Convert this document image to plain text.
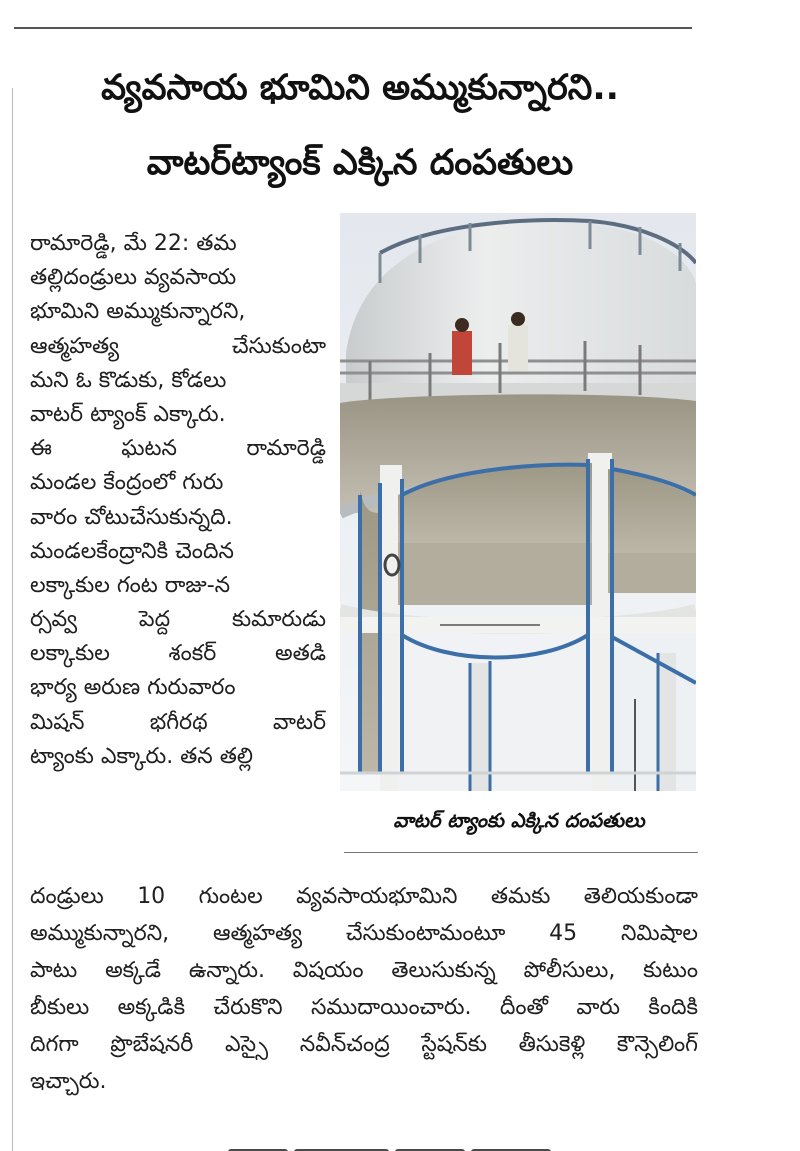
వ్యవసాయ భూమిని అమ్ముకున్నారని..
వాటర్‌ట్యాంక్ ఎక్కిన దంపతులు
రామారెడ్డి, మే 22: తమ
తల్లిదండ్రులు వ్యవసాయ
భూమిని అమ్ముకున్నారని,
ఆత్మహత్య చేసుకుంటా
మని ఓ కొడుకు, కోడలు
వాటర్ ట్యాంక్ ఎక్కారు.
ఈ ఘటన రామారెడ్డి
మండల కేంద్రంలో గురు
వారం చోటుచేసుకున్నది.
మండలకేంద్రానికి చెందిన
లక్కాకుల గంట రాజు-న
ర్సవ్వ పెద్ద కుమారుడు
లక్కాకుల శంకర్ అతడి
భార్య అరుణ గురువారం
మిషన్ భగీరథ వాటర్
ట్యాంకు ఎక్కారు. తన తల్లి
వాటర్ ట్యాంకు ఎక్కిన దంపతులు
దండ్రులు 10 గుంటల వ్యవసాయభూమిని తమకు తెలియకుండా
అమ్ముకున్నారని, ఆత్మహత్య చేసుకుంటామంటూ 45 నిమిషాల
పాటు అక్కడే ఉన్నారు. విషయం తెలుసుకున్న పోలీసులు, కుటుం
బీకులు అక్కడికి చేరుకొని సముదాయించారు. దీంతో వారు కిందికి
దిగగా ప్రొబేషనరీ ఎస్సై నవీన్‌చంద్ర స్టేషన్‌కు తీసుకెళ్లి కౌన్సెలింగ్
ఇచ్చారు.
